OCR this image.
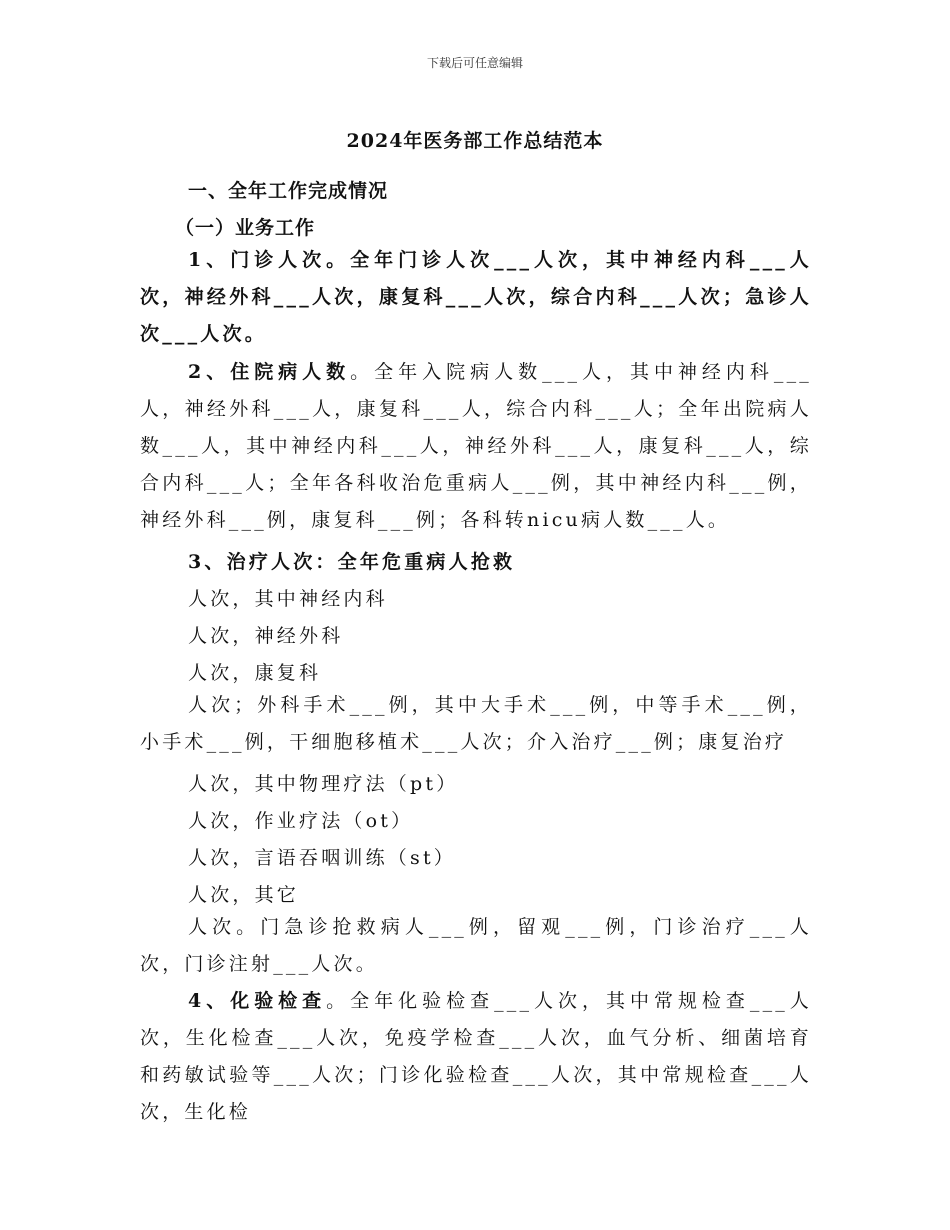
下载后可任意编辑
2024年医务部工作总结范本
一、全年工作完成情况
（一）业务工作

1、门诊人次。全年门诊人次___人次，其中神经内科___人次，神经外科___人次，康复科___人次，综合内科___人次；急诊人次___人次。

2、住院病人数。全年入院病人数___人，其中神经内科___人，神经外科___人，康复科___人，综合内科___人；全年出院病人数___人，其中神经内科___人，神经外科___人，康复科___人，综合内科___人；全年各科收治危重病人___例，其中神经内科___例，神经外科___例，康复科___例；各科转nicu病人数___人。

3、治疗人次：全年危重病人抢救
人次，其中神经内科
人次，神经外科
人次，康复科

人次；外科手术___例，其中大手术___例，中等手术___例，小手术___例，干细胞移植术___人次；介入治疗___例；康复治疗

人次，其中物理疗法（pt）
人次，作业疗法（ot）
人次，言语吞咽训练（st）
人次，其它

人次。门急诊抢救病人___例，留观___例，门诊治疗___人次，门诊注射___人次。

4、化验检查。全年化验检查___人次，其中常规检查___人次，生化检查___人次，免疫学检查___人次，血气分析、细菌培育和药敏试验等___人次；门诊化验检查___人次，其中常规检查___人次，生化检
